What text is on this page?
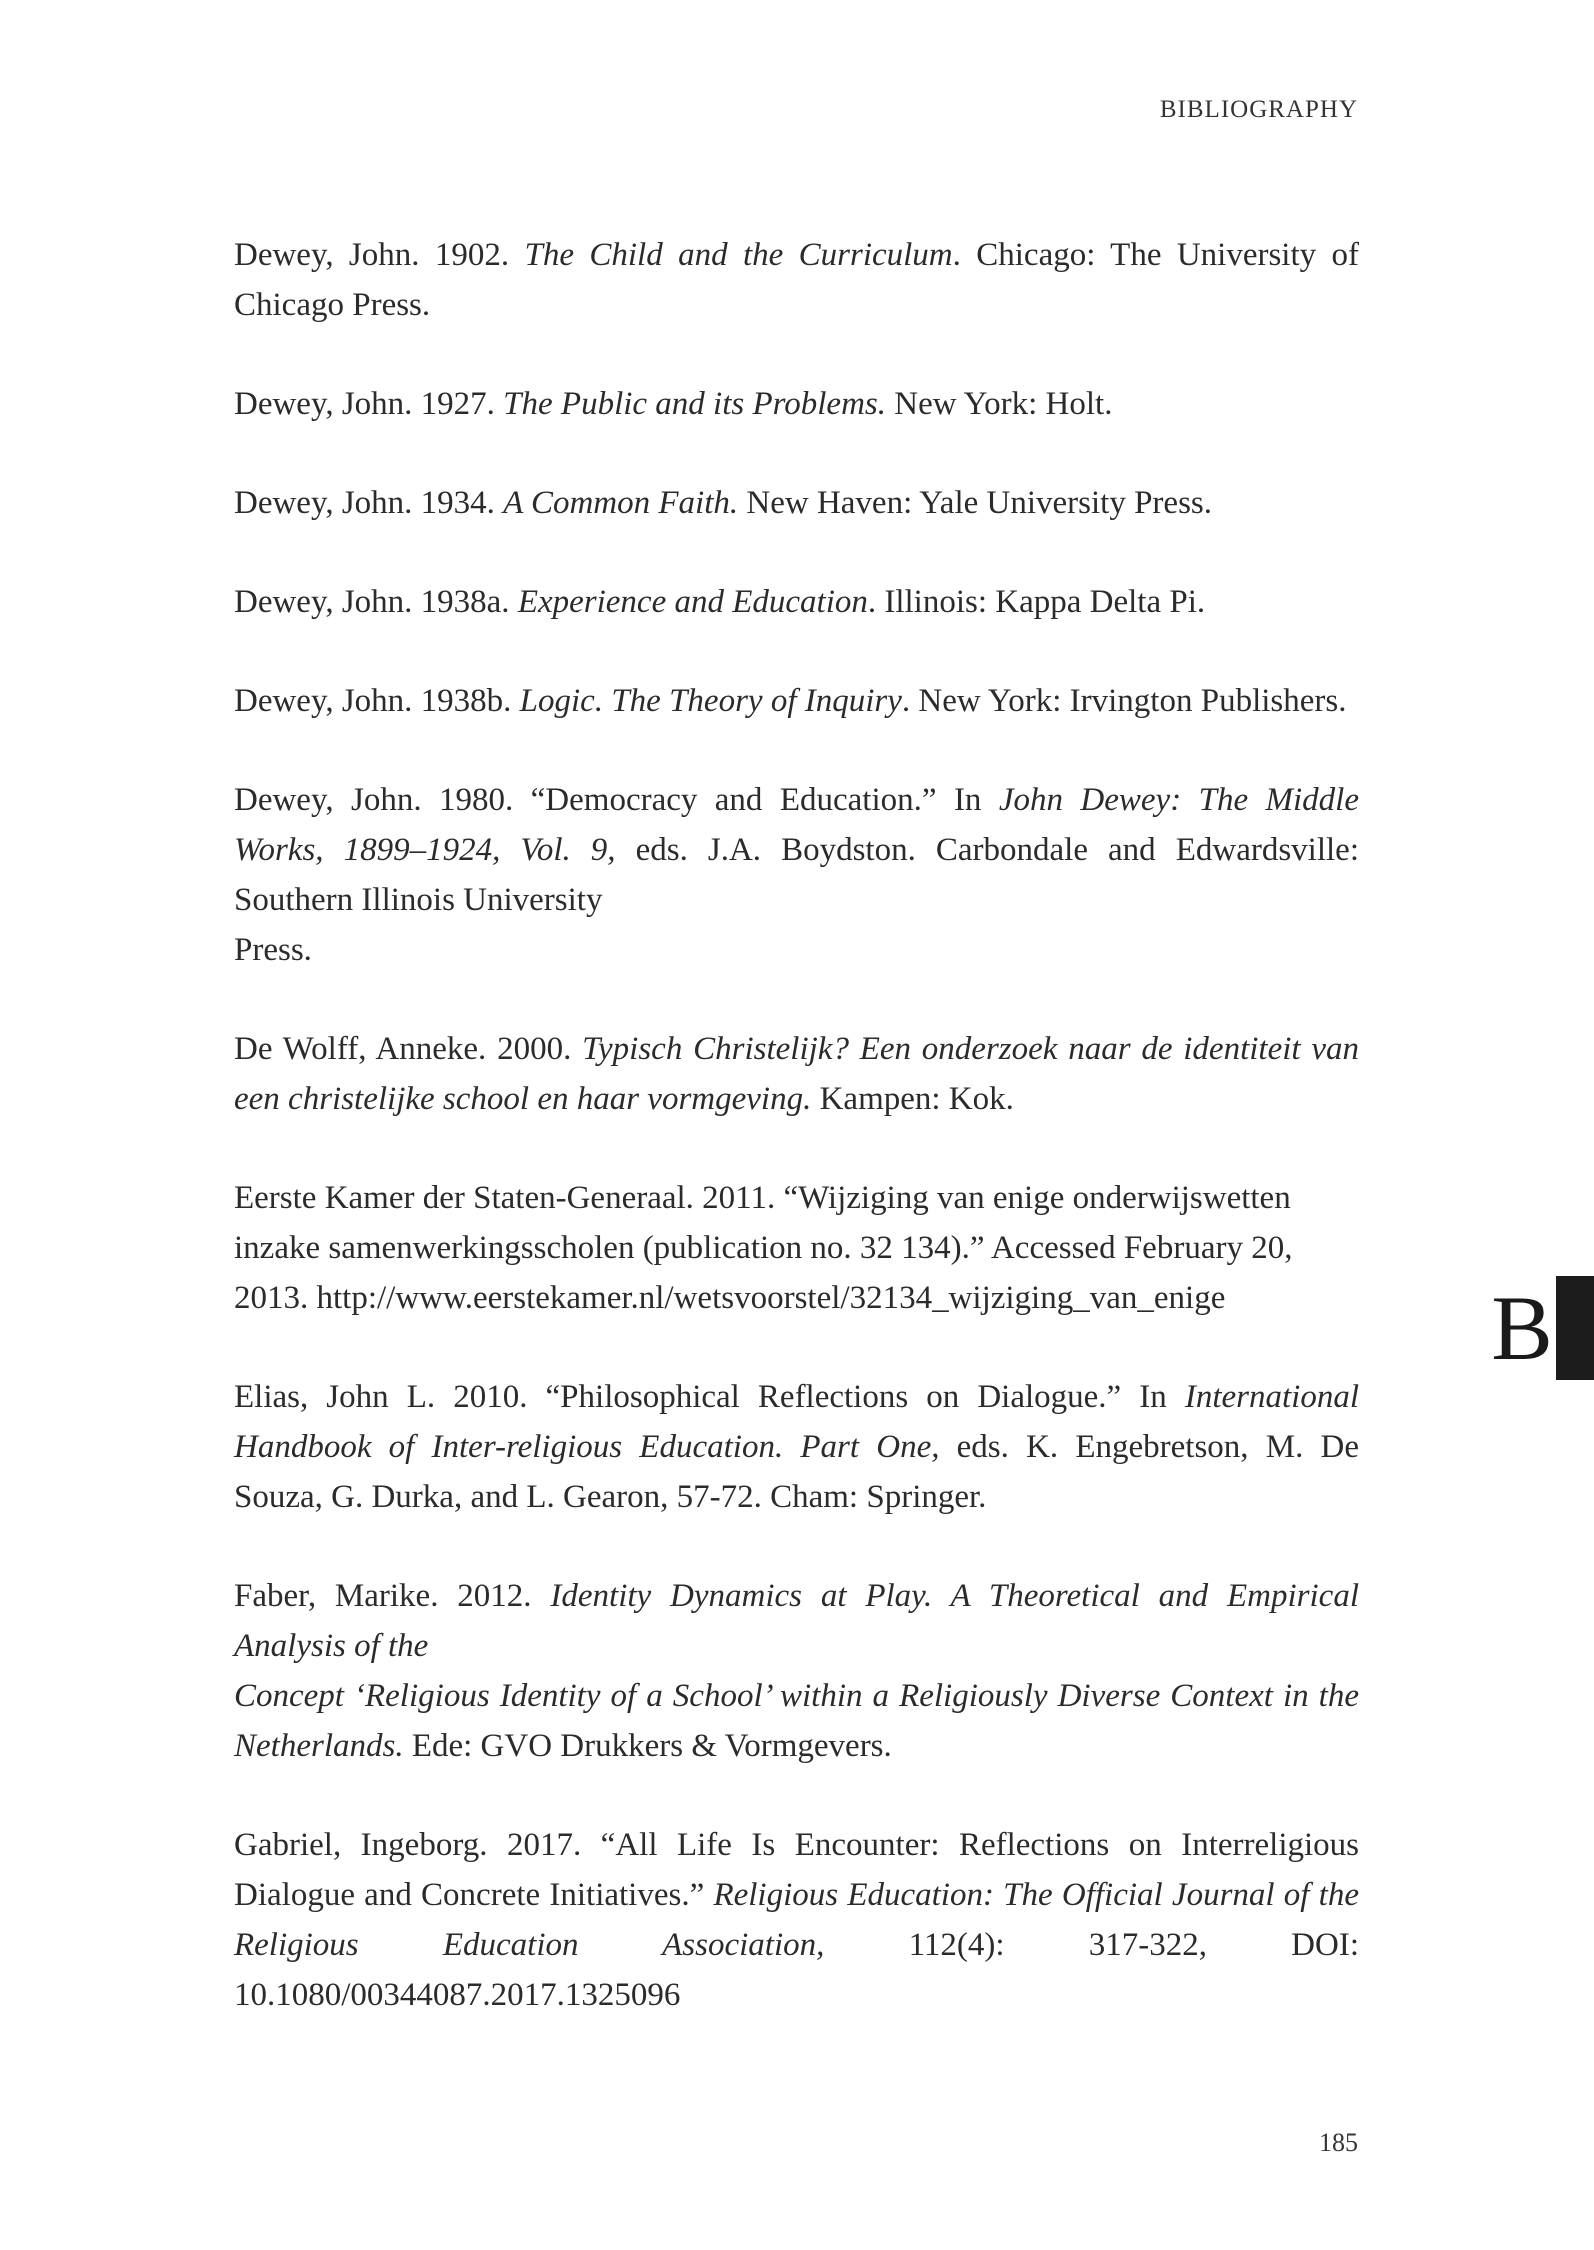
BIBLIOGRAPHY

Dewey, John. 1902. The Child and the Curriculum. Chicago: The University of Chicago Press.

Dewey, John. 1927. The Public and its Problems. New York: Holt.

Dewey, John. 1934. A Common Faith. New Haven: Yale University Press.

Dewey, John. 1938a. Experience and Education. Illinois: Kappa Delta Pi.

Dewey, John. 1938b. Logic. The Theory of Inquiry. New York: Irvington Publishers.

Dewey, John. 1980. “Democracy and Education.” In John Dewey: The Middle Works, 1899–1924, Vol. 9, eds. J.A. Boydston. Carbondale and Edwardsville: Southern Illinois University
Press.

De Wolff, Anneke. 2000. Typisch Christelijk? Een onderzoek naar de identiteit van een christelijke school en haar vormgeving. Kampen: Kok.

Eerste Kamer der Staten-Generaal. 2011. “Wijziging van enige onderwijswetten inzake samenwerkingsscholen (publication no. 32 134).” Accessed February 20, 2013. http://www.eerstekamer.nl/wetsvoorstel/32134_wijziging_van_enige

Elias, John L. 2010. “Philosophical Reflections on Dialogue.” In International Handbook of Inter-religious Education. Part One, eds. K. Engebretson, M. De Souza, G. Durka, and L. Gearon, 57-72. Cham: Springer.

Faber, Marike. 2012. Identity Dynamics at Play. A Theoretical and Empirical Analysis of the
Concept ‘Religious Identity of a School’ within a Religiously Diverse Context in the Netherlands. Ede: GVO Drukkers & Vormgevers.

Gabriel, Ingeborg. 2017. “All Life Is Encounter: Reflections on Interreligious Dialogue and Concrete Initiatives.” Religious Education: The Official Journal of the Religious Education Association, 112(4): 317-322, DOI: 10.1080/00344087.2017.1325096

B
185
